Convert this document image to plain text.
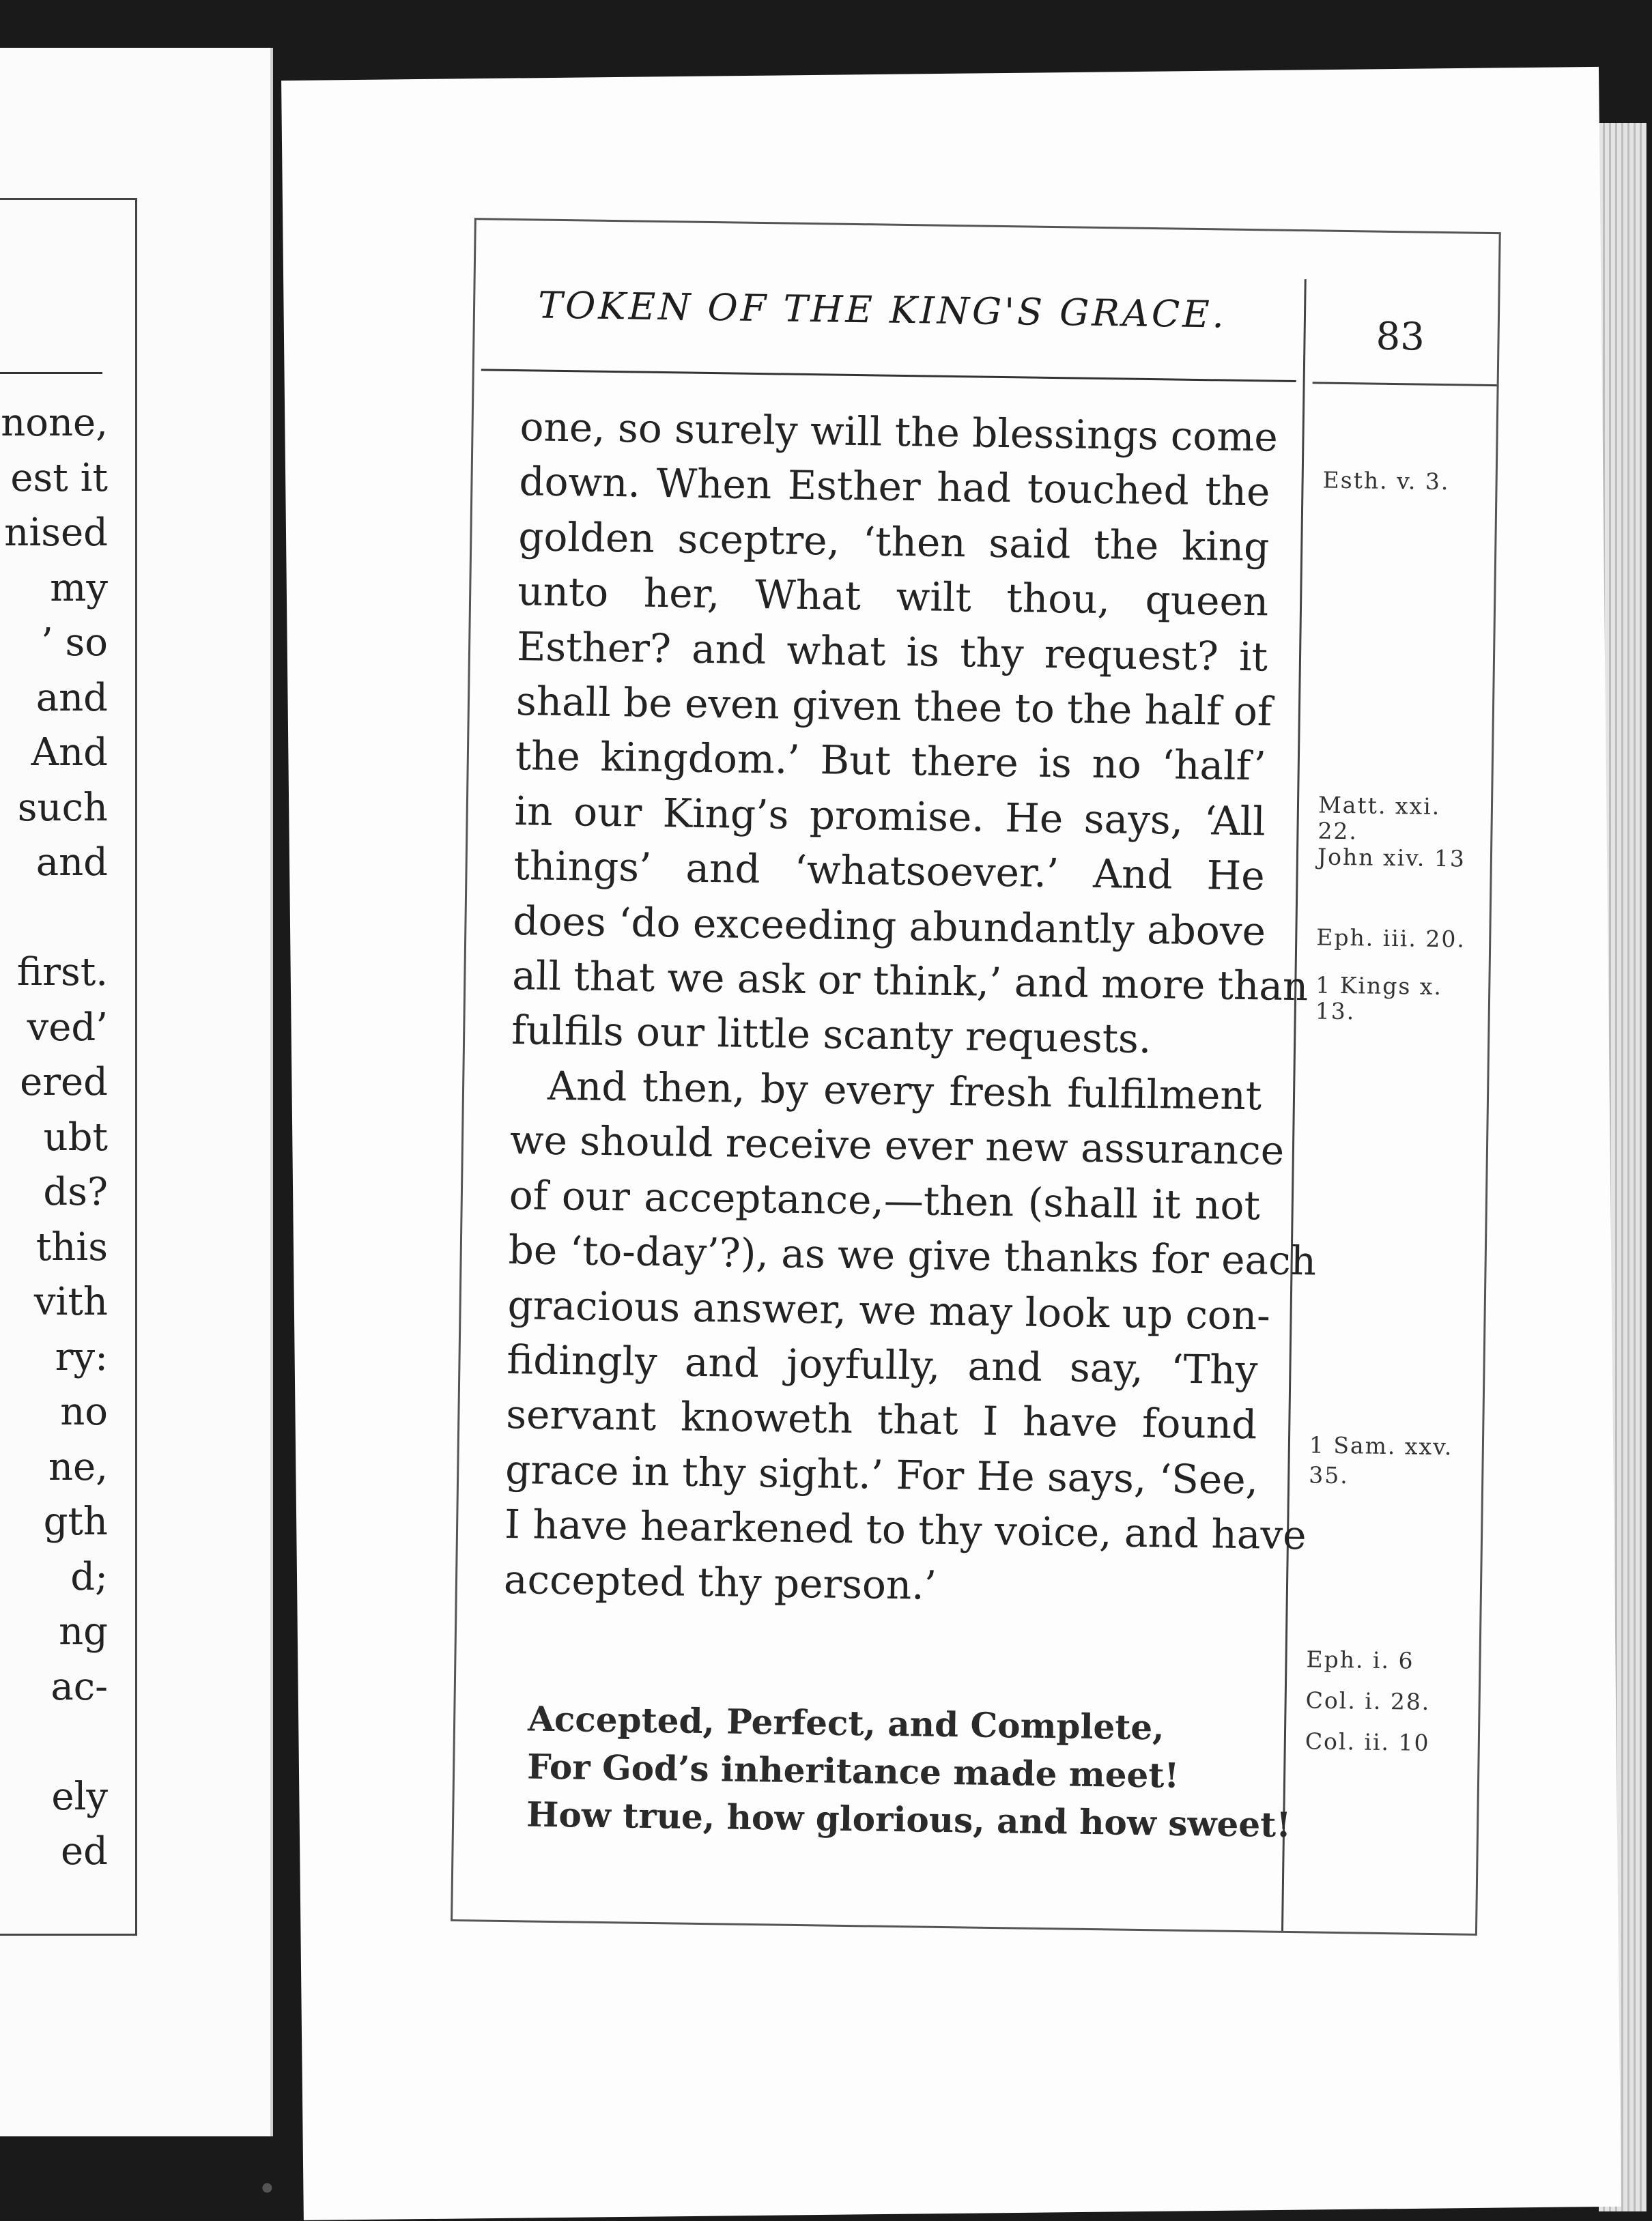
none,
est it
nised
my
’ so
and
And
such
and
first.
ved’
ered
ubt
ds?
this
vith
ry:
no
ne,
gth
d;
ng
ac-
ely
ed
TOKEN OF THE KING'S GRACE.
83
one, so surely will the blessings come
down. When Esther had touched the
golden sceptre, ‘then said the king
unto her, What wilt thou, queen
Esther? and what is thy request? it
shall be even given thee to the half of
the kingdom.’ But there is no ‘half’
in our King’s promise. He says, ‘All
things’ and ‘whatsoever.’ And He
does ‘do exceeding abundantly above
all that we ask or think,’ and more than
fulfils our little scanty requests.
And then, by every fresh fulfilment
we should receive ever new assurance
of our acceptance,—then (shall it not
be ‘to-day’?), as we give thanks for each
gracious answer, we may look up con-
fidingly and joyfully, and say, ‘Thy
servant knoweth that I have found
grace in thy sight.’ For He says, ‘See,
I have hearkened to thy voice, and have
accepted thy person.’
Accepted, Perfect, and Complete,
For God’s inheritance made meet!
How true, how glorious, and how sweet!
Esth. v. 3.
Matt. xxi.
22.
John xiv. 13
Eph. iii. 20.
1 Kings x.
13.
1 Sam. xxv.
35.
Eph. i. 6
Col. i. 28.
Col. ii. 10
